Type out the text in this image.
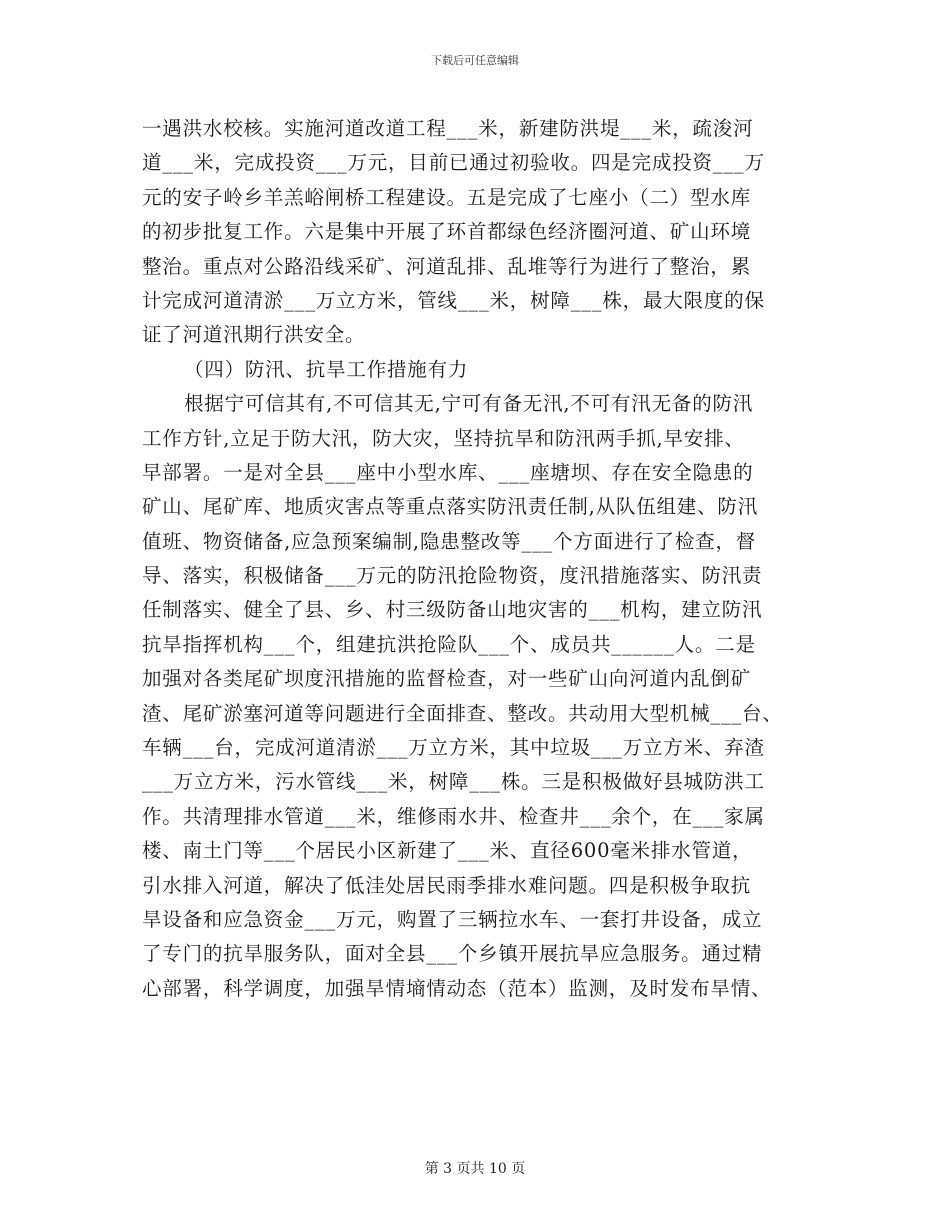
下载后可任意编辑
一遇洪水校核。实施河道改道工程___米，新建防洪堤___米，疏浚河
道___米，完成投资___万元，目前已通过初验收。四是完成投资___万
元的安子岭乡羊羔峪闸桥工程建设。五是完成了七座小（二）型水库
的初步批复工作。六是集中开展了环首都绿色经济圈河道、矿山环境
整治。重点对公路沿线采矿、河道乱排、乱堆等行为进行了整治，累
计完成河道清淤___万立方米，管线___米，树障___株，最大限度的保
证了河道汛期行洪安全。
（四）防汛、抗旱工作措施有力
根据宁可信其有,不可信其无,宁可有备无汛,不可有汛无备的防汛
工作方针,立足于防大汛，防大灾，坚持抗旱和防汛两手抓,早安排、
早部署。一是对全县___座中小型水库、___座塘坝、存在安全隐患的
矿山、尾矿库、地质灾害点等重点落实防汛责任制,从队伍组建、防汛
值班、物资储备,应急预案编制,隐患整改等___个方面进行了检查，督
导、落实，积极储备___万元的防汛抢险物资，度汛措施落实、防汛责
任制落实、健全了县、乡、村三级防备山地灾害的___机构，建立防汛
抗旱指挥机构___个，组建抗洪抢险队___个、成员共______人。二是
加强对各类尾矿坝度汛措施的监督检查，对一些矿山向河道内乱倒矿
渣、尾矿淤塞河道等问题进行全面排查、整改。共动用大型机械___台、
车辆___台，完成河道清淤___万立方米，其中垃圾___万立方米、弃渣
___万立方米，污水管线___米，树障___株。三是积极做好县城防洪工
作。共清理排水管道___米，维修雨水井、检查井___余个，在___家属
楼、南土门等___个居民小区新建了___米、直径600毫米排水管道，
引水排入河道，解决了低洼处居民雨季排水难问题。四是积极争取抗
旱设备和应急资金___万元，购置了三辆拉水车、一套打井设备，成立
了专门的抗旱服务队，面对全县___个乡镇开展抗旱应急服务。通过精
心部署，科学调度，加强旱情墒情动态（范本）监测，及时发布旱情、
第 3 页共 10 页
